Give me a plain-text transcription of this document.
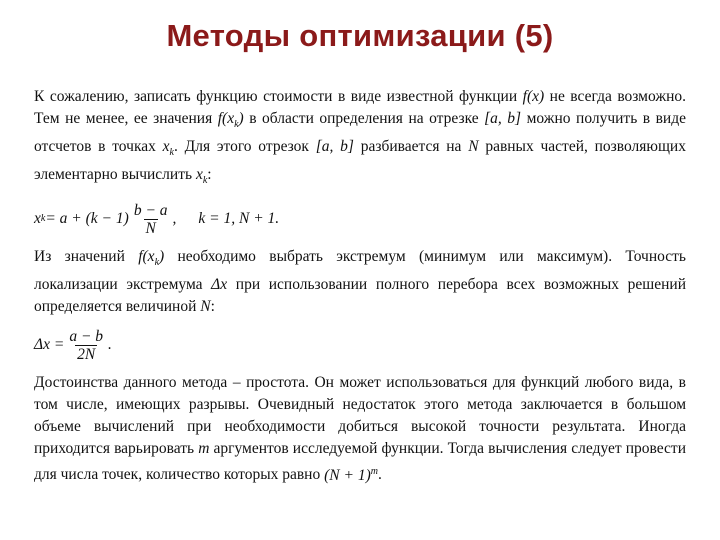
Методы оптимизации (5)

К сожалению, записать функцию стоимости в виде известной функции f(x) не всегда возможно. Тем не менее, ее значения $f(x_k)$ в области определения на отрезке [a, b] можно получить в виде отсчетов в точках $x_k$. Для этого отрезок [a, b] разбивается на N равных частей, позволяющих элементарно вычислить $x_k$:

x $k = a + (k - 1) \frac{b - a}{N}$ , k = 1, N + 1 .

Из значений $f(x_k)$ необходимо выбрать экстремум (минимум или максимум). Точность локализации экстремума Δx при использовании полного перебора всех возможных решений определяется величиной N:

$\Delta x = \frac{a - b}{2N}$ .

Достоинства данного метода – простота. Он может использоваться для функций любого вида, в том числе, имеющих разрывы. Очевидный недостаток этого метода заключается в большом объеме вычислений при необходимости добиться высокой точности результата. Иногда приходится варьировать m аргументов исследуемой функции. Тогда вычисления следует провести для числа точек, количество которых равно $(N + 1)^m$.
